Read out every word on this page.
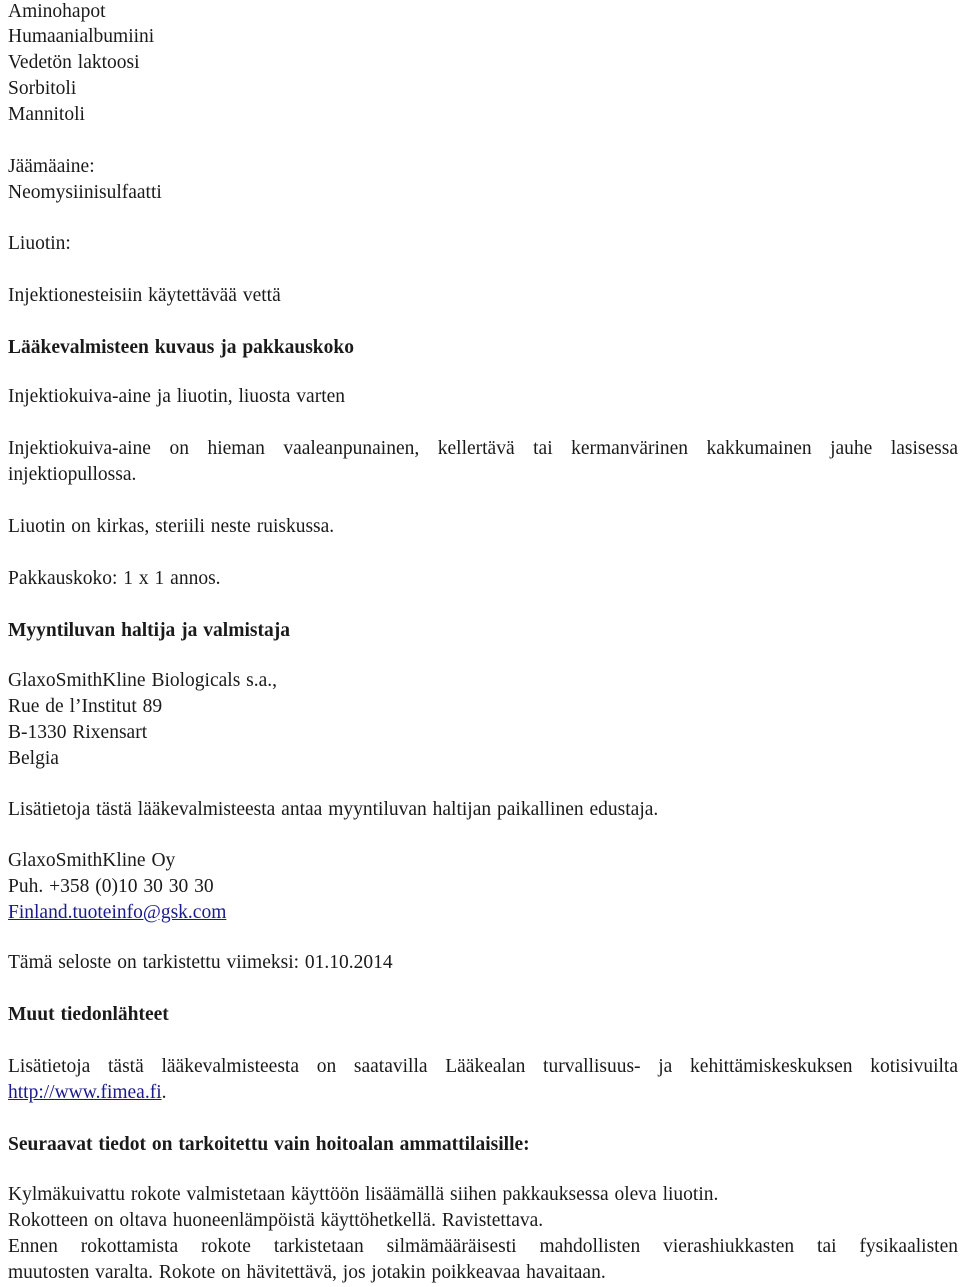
Aminohapot
Humaanialbumiini
Vedetön laktoosi
Sorbitoli
Mannitoli
Jäämäaine:
Neomysiinisulfaatti
Liuotin:
Injektionesteisiin käytettävää vettä
Lääkevalmisteen kuvaus ja pakkauskoko
Injektiokuiva-aine ja liuotin, liuosta varten
Injektiokuiva-aine on hieman vaaleanpunainen, kellertävä tai kermanvärinen kakkumainen jauhe lasisessa
injektiopullossa.
Liuotin on kirkas, steriili neste ruiskussa.
Pakkauskoko: 1 x 1 annos.
Myyntiluvan haltija ja valmistaja
GlaxoSmithKline Biologicals s.a.,
Rue de l’Institut 89
B-1330 Rixensart
Belgia
Lisätietoja tästä lääkevalmisteesta antaa myyntiluvan haltijan paikallinen edustaja.
GlaxoSmithKline Oy
Puh. +358 (0)10 30 30 30
Finland.tuoteinfo@gsk.com
Tämä seloste on tarkistettu viimeksi: 01.10.2014
Muut tiedonlähteet
Lisätietoja tästä lääkevalmisteesta on saatavilla Lääkealan turvallisuus- ja kehittämiskeskuksen kotisivuilta
http://www.fimea.fi.
Seuraavat tiedot on tarkoitettu vain hoitoalan ammattilaisille:
Kylmäkuivattu rokote valmistetaan käyttöön lisäämällä siihen pakkauksessa oleva liuotin.
Rokotteen on oltava huoneenlämpöistä käyttöhetkellä. Ravistettava.
Ennen rokottamista rokote tarkistetaan silmämääräisesti mahdollisten vierashiukkasten tai fysikaalisten
muutosten varalta. Rokote on hävitettävä, jos jotakin poikkeavaa havaitaan.
